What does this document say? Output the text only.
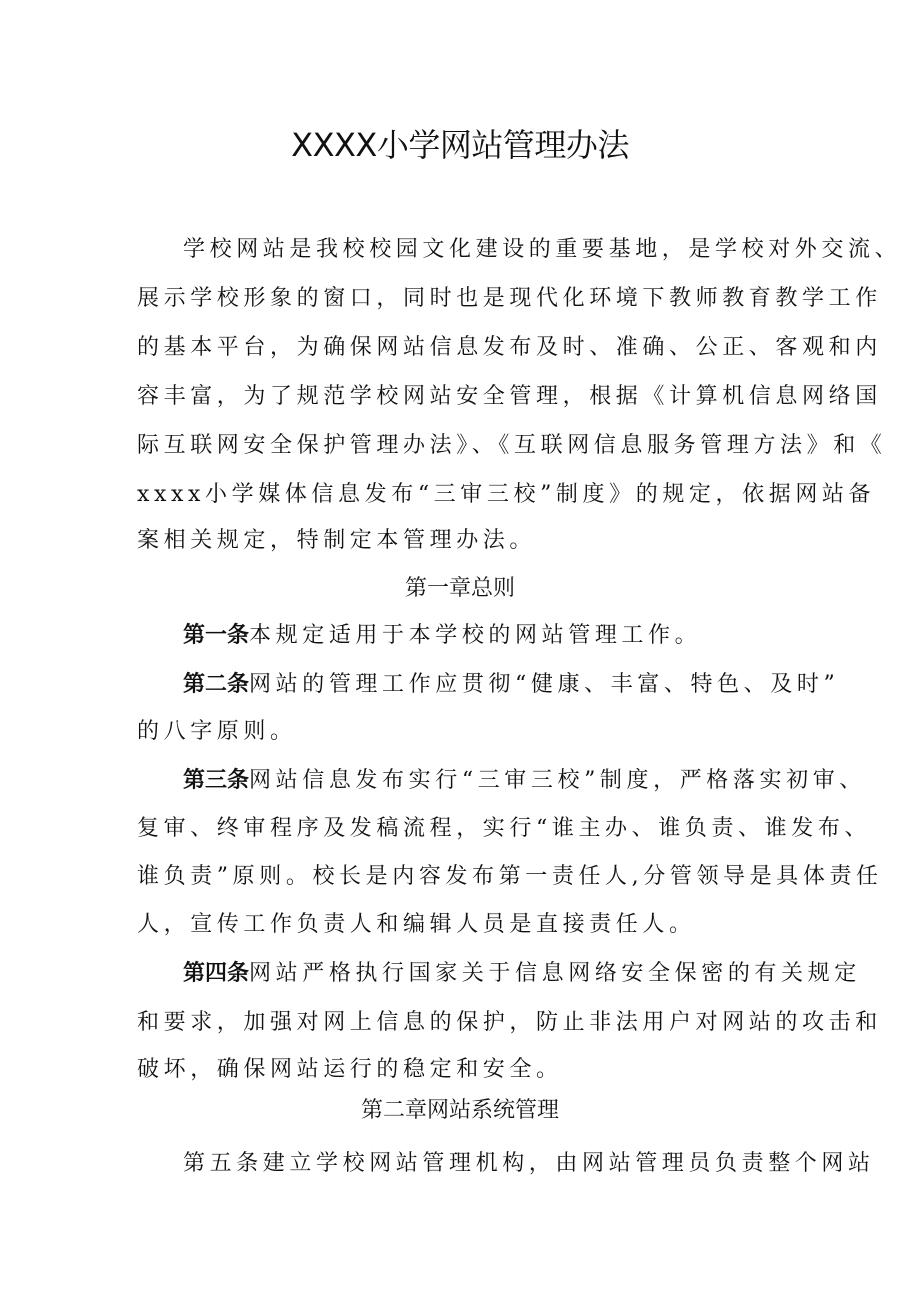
XXXX小学网站管理办法
学校网站是我校校园文化建设的重要基地，是学校对外交流、
展示学校形象的窗口，同时也是现代化环境下教师教育教学工作
的基本平台，为确保网站信息发布及时、准确、公正、客观和内
容丰富，为了规范学校网站安全管理，根据《计算机信息网络国
际互联网安全保护管理办法》、《互联网信息服务管理方法》和《
xxxx小学媒体信息发布“三审三校”制度》的规定，依据网站备
案相关规定，特制定本管理办法。
第一章总则
第一条本规定适用于本学校的网站管理工作。
第二条网站的管理工作应贯彻“健康、丰富、特色、及时”
的八字原则。
第三条网站信息发布实行“三审三校”制度，严格落实初审、
复审、终审程序及发稿流程，实行“谁主办、谁负责、谁发布、
谁负责”原则。校长是内容发布第一责任人,分管领导是具体责任
人，宣传工作负责人和编辑人员是直接责任人。
第四条网站严格执行国家关于信息网络安全保密的有关规定
和要求，加强对网上信息的保护，防止非法用户对网站的攻击和
破坏，确保网站运行的稳定和安全。
第二章网站系统管理
第五条建立学校网站管理机构，由网站管理员负责整个网站
